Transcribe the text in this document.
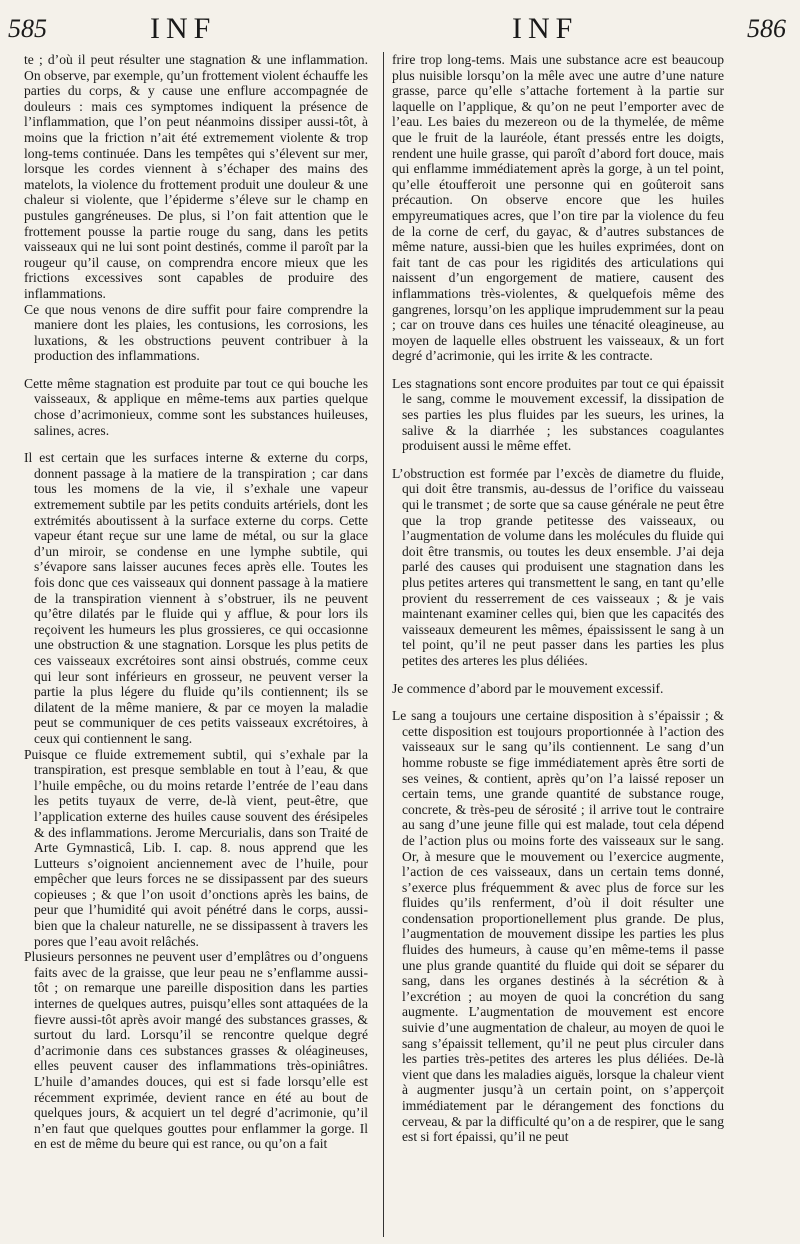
585	INF	INF	586

te ; d’où il peut résulter une stagnation & une inflammation. On observe, par exemple, qu’un frottement violent échauffe les parties du corps, & y cause une enflure accompagnée de douleurs : mais ces symptomes indiquent la présence de l’inflammation, que l’on peut néanmoins dissiper aussi-tôt, à moins que la friction n’ait été extremement violente & trop long-tems continuée. Dans les tempêtes qui s’élevent sur mer, lorsque les cordes viennent à s’échaper des mains des matelots, la violence du frottement produit une douleur & une chaleur si violente, que l’épiderme s’éleve sur le champ en pustules gangréneuses. De plus, si l’on fait attention que le frottement pousse la partie rouge du sang, dans les petits vaisseaux qui ne lui sont point destinés, comme il paroît par la rougeur qu’il cause, on comprendra encore mieux que les frictions excessives sont capables de produire des inflammations.

Ce que nous venons de dire suffit pour faire comprendre la maniere dont les plaies, les contusions, les corrosions, les luxations, & les obstructions peuvent contribuer à la production des inflammations.

Cette même stagnation est produite par tout ce qui bouche les vaisseaux, & applique en même-tems aux parties quelque chose d’acrimonieux, comme sont les substances huileuses, salines, acres.

Il est certain que les surfaces interne & externe du corps, donnent passage à la matiere de la transpiration ; car dans tous les momens de la vie, il s’exhale une vapeur extremement subtile par les petits conduits artériels, dont les extrémités aboutissent à la surface externe du corps. Cette vapeur étant reçue sur une lame de métal, ou sur la glace d’un miroir, se condense en une lymphe subtile, qui s’évapore sans laisser aucunes feces après elle. Toutes les fois donc que ces vaisseaux qui donnent passage à la matiere de la transpiration viennent à s’obstruer, ils ne peuvent qu’être dilatés par le fluide qui y afflue, & pour lors ils reçoivent les humeurs les plus grossieres, ce qui occasionne une obstruction & une stagnation. Lorsque les plus petits de ces vaisseaux excrétoires sont ainsi obstrués, comme ceux qui leur sont inférieurs en grosseur, ne peuvent verser la partie la plus légere du fluide qu’ils contiennent; ils se dilatent de la même maniere, & par ce moyen la maladie peut se communiquer de ces petits vaisseaux excrétoires, à ceux qui contiennent le sang.

Puisque ce fluide extremement subtil, qui s’exhale par la transpiration, est presque semblable en tout à l’eau, & que l’huile empêche, ou du moins retarde l’entrée de l’eau dans les petits tuyaux de verre, de-là vient, peut-être, que l’application externe des huiles cause souvent des érésipeles & des inflammations. Jerome Mercurialis, dans son Traité de Arte Gymnasticâ, Lib. I. cap. 8. nous apprend que les Lutteurs s’oignoient anciennement avec de l’huile, pour empêcher que leurs forces ne se dissipassent par des sueurs copieuses ; & que l’on usoit d’onctions après les bains, de peur que l’humidité qui avoit pénétré dans le corps, aussi-bien que la chaleur naturelle, ne se dissipassent à travers les pores que l’eau avoit relâchés.

Plusieurs personnes ne peuvent user d’emplâtres ou d’onguens faits avec de la graisse, que leur peau ne s’enflamme aussi-tôt ; on remarque une pareille disposition dans les parties internes de quelques autres, puisqu’elles sont attaquées de la fievre aussi-tôt après avoir mangé des substances grasses, & surtout du lard. Lorsqu’il se rencontre quelque degré d’acrimonie dans ces substances grasses & oléagineuses, elles peuvent causer des inflammations très-opiniâtres. L’huile d’amandes douces, qui est si fade lorsqu’elle est récemment exprimée, devient rance en été au bout de quelques jours, & acquiert un tel degré d’acrimonie, qu’il n’en faut que quelques gouttes pour enflammer la gorge. Il en est de même du beure qui est rance, ou qu’on a fait

frire trop long-tems. Mais une substance acre est beaucoup plus nuisible lorsqu’on la mêle avec une autre d’une nature grasse, parce qu’elle s’attache fortement à la partie sur laquelle on l’applique, & qu’on ne peut l’emporter avec de l’eau. Les baies du mezereon ou de la thymelée, de même que le fruit de la lauréole, étant pressés entre les doigts, rendent une huile grasse, qui paroît d’abord fort douce, mais qui enflamme immédiatement après la gorge, à un tel point, qu’elle étoufferoit une personne qui en goûteroit sans précaution. On observe encore que les huiles empyreumatiques acres, que l’on tire par la violence du feu de la corne de cerf, du gayac, & d’autres substances de même nature, aussi-bien que les huiles exprimées, dont on fait tant de cas pour les rigidités des articulations qui naissent d’un engorgement de matiere, causent des inflammations très-violentes, & quelquefois même des gangrenes, lorsqu’on les applique imprudemment sur la peau ; car on trouve dans ces huiles une ténacité oleagineuse, au moyen de laquelle elles obstruent les vaisseaux, & un fort degré d’acrimonie, qui les irrite & les contracte.

Les stagnations sont encore produites par tout ce qui épaissit le sang, comme le mouvement excessif, la dissipation de ses parties les plus fluides par les sueurs, les urines, la salive & la diarrhée ; les substances coagulantes produisent aussi le même effet.

L’obstruction est formée par l’excès de diametre du fluide, qui doit être transmis, au-dessus de l’orifice du vaisseau qui le transmet ; de sorte que sa cause générale ne peut être que la trop grande petitesse des vaisseaux, ou l’augmentation de volume dans les molécules du fluide qui doit être transmis, ou toutes les deux ensemble. J’ai deja parlé des causes qui produisent une stagnation dans les plus petites arteres qui transmettent le sang, en tant qu’elle provient du resserrement de ces vaisseaux ; & je vais maintenant examiner celles qui, bien que les capacités des vaisseaux demeurent les mêmes, épaississent le sang à un tel point, qu’il ne peut passer dans les parties les plus petites des arteres les plus déliées.

Je commence d’abord par le mouvement excessif.

Le sang a toujours une certaine disposition à s’épaissir ; & cette disposition est toujours proportionnée à l’action des vaisseaux sur le sang qu’ils contiennent. Le sang d’un homme robuste se fige immédiatement après être sorti de ses veines, & contient, après qu’on l’a laissé reposer un certain tems, une grande quantité de substance rouge, concrete, & très-peu de sérosité ; il arrive tout le contraire au sang d’une jeune fille qui est malade, tout cela dépend de l’action plus ou moins forte des vaisseaux sur le sang. Or, à mesure que le mouvement ou l’exercice augmente, l’action de ces vaisseaux, dans un certain tems donné, s’exerce plus fréquemment & avec plus de force sur les fluides qu’ils renferment, d’où il doit résulter une condensation proportionellement plus grande. De plus, l’augmentation de mouvement dissipe les parties les plus fluides des humeurs, à cause qu’en même-tems il passe une plus grande quantité du fluide qui doit se séparer du sang, dans les organes destinés à la sécrétion & à l’excrétion ; au moyen de quoi la concrétion du sang augmente. L’augmentation de mouvement est encore suivie d’une augmentation de chaleur, au moyen de quoi le sang s’épaissit tellement, qu’il ne peut plus circuler dans les parties très-petites des arteres les plus déliées. De-là vient que dans les maladies aiguës, lorsque la chaleur vient à augmenter jusqu’à un certain point, on s’apperçoit immédiatement par le dérangement des fonctions du cerveau, & par la difficulté qu’on a de respirer, que le sang est si fort épaissi, qu’il ne peut
